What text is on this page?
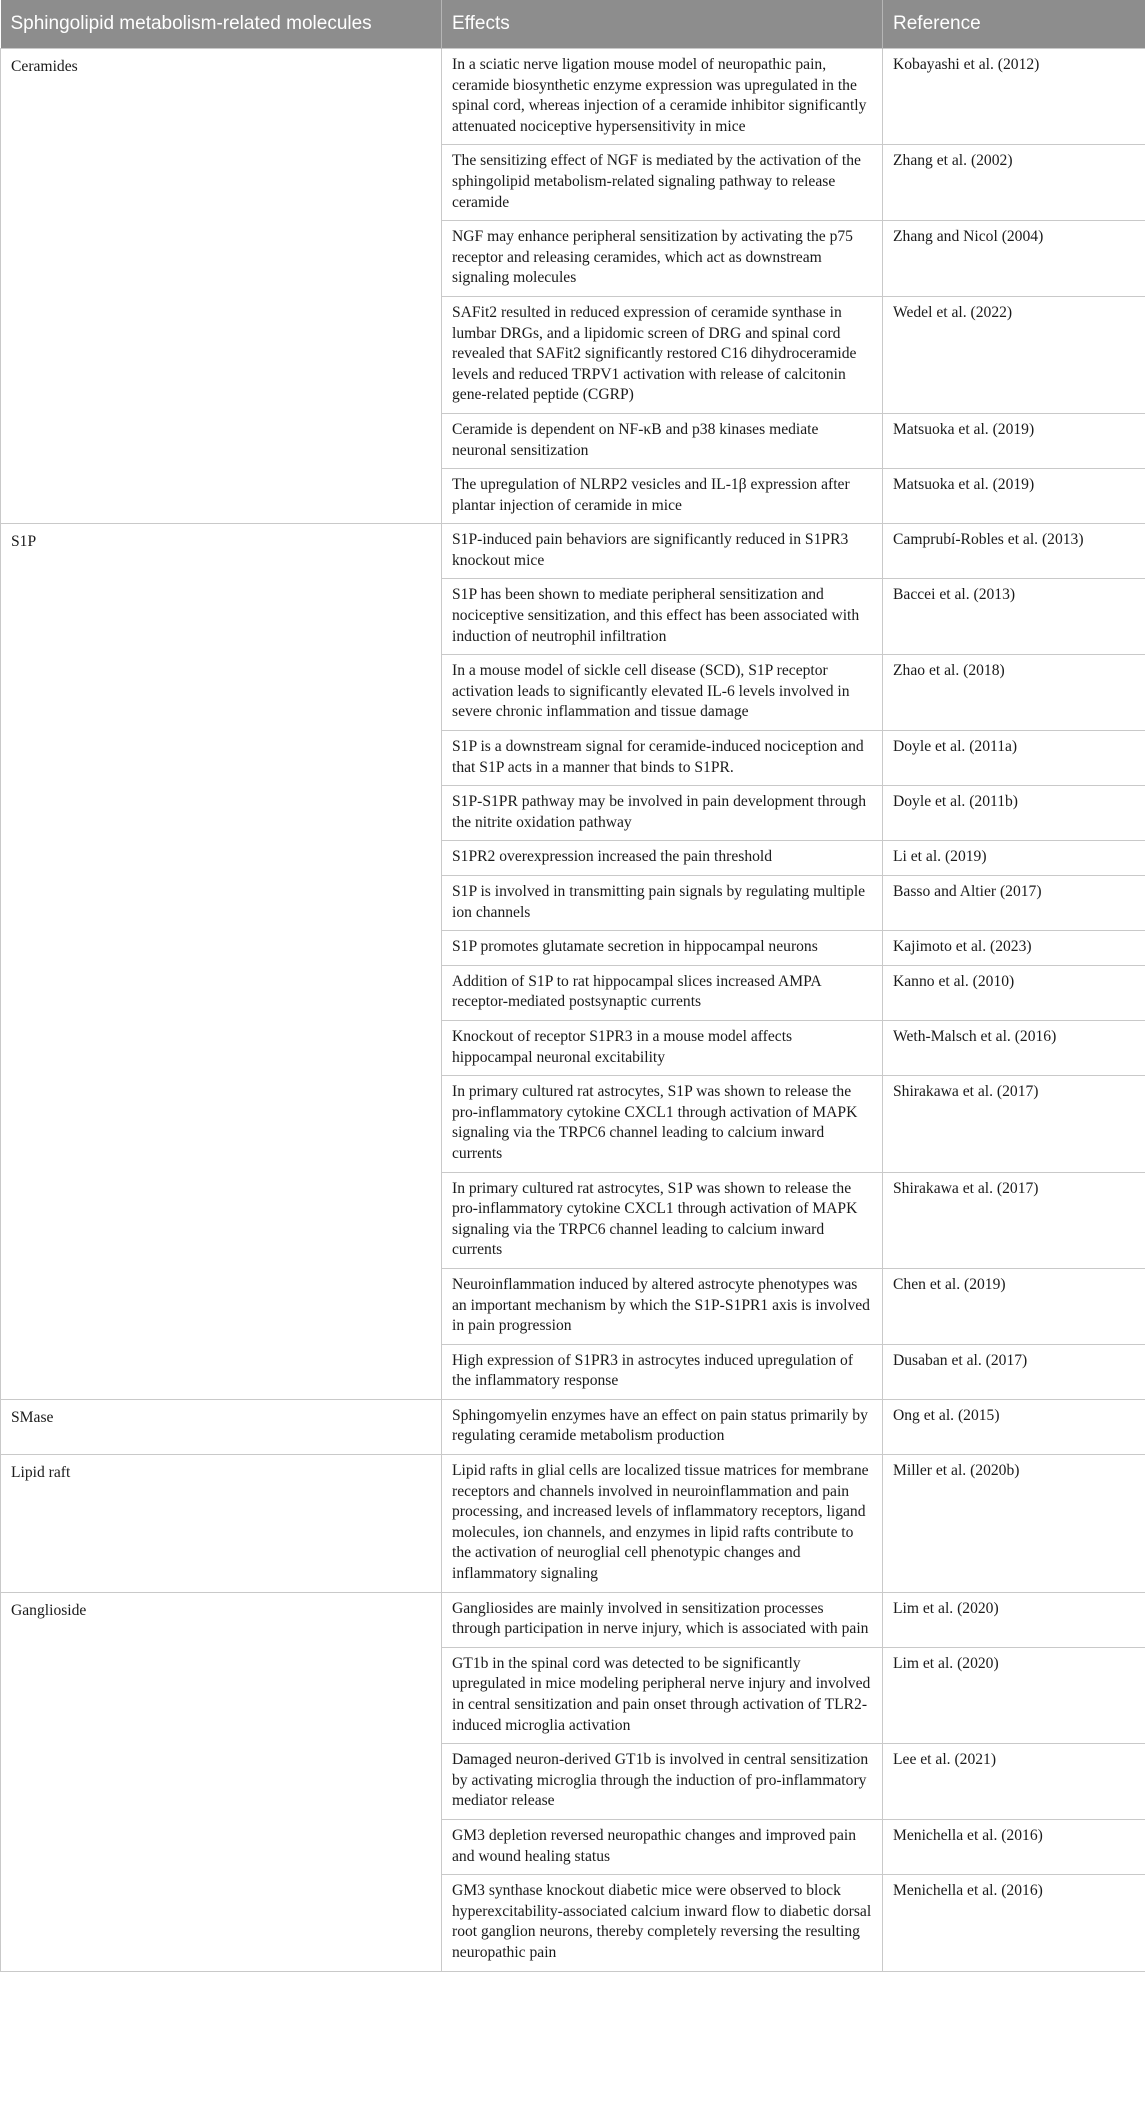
Sphingolipid metabolism-related molecules	Effects	Reference
Ceramides	In a sciatic nerve ligation mouse model of neuropathic pain, ceramide biosynthetic enzyme expression was upregulated in the spinal cord, whereas injection of a ceramide inhibitor significantly attenuated nociceptive hypersensitivity in mice	Kobayashi et al. (2012)
	The sensitizing effect of NGF is mediated by the activation of the sphingolipid metabolism-related signaling pathway to release ceramide	Zhang et al. (2002)
	NGF may enhance peripheral sensitization by activating the p75 receptor and releasing ceramides, which act as downstream signaling molecules	Zhang and Nicol (2004)
	SAFit2 resulted in reduced expression of ceramide synthase in lumbar DRGs, and a lipidomic screen of DRG and spinal cord revealed that SAFit2 significantly restored C16 dihydroceramide levels and reduced TRPV1 activation with release of calcitonin gene-related peptide (CGRP)	Wedel et al. (2022)
	Ceramide is dependent on NF-κB and p38 kinases mediate neuronal sensitization	Matsuoka et al. (2019)
	The upregulation of NLRP2 vesicles and IL-1β expression after plantar injection of ceramide in mice	Matsuoka et al. (2019)
S1P	S1P-induced pain behaviors are significantly reduced in S1PR3 knockout mice	Camprubí-Robles et al. (2013)
	S1P has been shown to mediate peripheral sensitization and nociceptive sensitization, and this effect has been associated with induction of neutrophil infiltration	Baccei et al. (2013)
	In a mouse model of sickle cell disease (SCD), S1P receptor activation leads to significantly elevated IL-6 levels involved in severe chronic inflammation and tissue damage	Zhao et al. (2018)
	S1P is a downstream signal for ceramide-induced nociception and that S1P acts in a manner that binds to S1PR.	Doyle et al. (2011a)
	S1P-S1PR pathway may be involved in pain development through the nitrite oxidation pathway	Doyle et al. (2011b)
	S1PR2 overexpression increased the pain threshold	Li et al. (2019)
	S1P is involved in transmitting pain signals by regulating multiple ion channels	Basso and Altier (2017)
	S1P promotes glutamate secretion in hippocampal neurons	Kajimoto et al. (2023)
	Addition of S1P to rat hippocampal slices increased AMPA receptor-mediated postsynaptic currents	Kanno et al. (2010)
	Knockout of receptor S1PR3 in a mouse model affects hippocampal neuronal excitability	Weth-Malsch et al. (2016)
	In primary cultured rat astrocytes, S1P was shown to release the pro-inflammatory cytokine CXCL1 through activation of MAPK signaling via the TRPC6 channel leading to calcium inward currents	Shirakawa et al. (2017)
	In primary cultured rat astrocytes, S1P was shown to release the pro-inflammatory cytokine CXCL1 through activation of MAPK signaling via the TRPC6 channel leading to calcium inward currents	Shirakawa et al. (2017)
	Neuroinflammation induced by altered astrocyte phenotypes was an important mechanism by which the S1P-S1PR1 axis is involved in pain progression	Chen et al. (2019)
	High expression of S1PR3 in astrocytes induced upregulation of the inflammatory response	Dusaban et al. (2017)
SMase	Sphingomyelin enzymes have an effect on pain status primarily by regulating ceramide metabolism production	Ong et al. (2015)
Lipid raft	Lipid rafts in glial cells are localized tissue matrices for membrane receptors and channels involved in neuroinflammation and pain processing, and increased levels of inflammatory receptors, ligand molecules, ion channels, and enzymes in lipid rafts contribute to the activation of neuroglial cell phenotypic changes and inflammatory signaling	Miller et al. (2020b)
Ganglioside	Gangliosides are mainly involved in sensitization processes through participation in nerve injury, which is associated with pain	Lim et al. (2020)
	GT1b in the spinal cord was detected to be significantly upregulated in mice modeling peripheral nerve injury and involved in central sensitization and pain onset through activation of TLR2-induced microglia activation	Lim et al. (2020)
	Damaged neuron-derived GT1b is involved in central sensitization by activating microglia through the induction of pro-inflammatory mediator release	Lee et al. (2021)
	GM3 depletion reversed neuropathic changes and improved pain and wound healing status	Menichella et al. (2016)
	GM3 synthase knockout diabetic mice were observed to block hyperexcitability-associated calcium inward flow to diabetic dorsal root ganglion neurons, thereby completely reversing the resulting neuropathic pain	Menichella et al. (2016)
